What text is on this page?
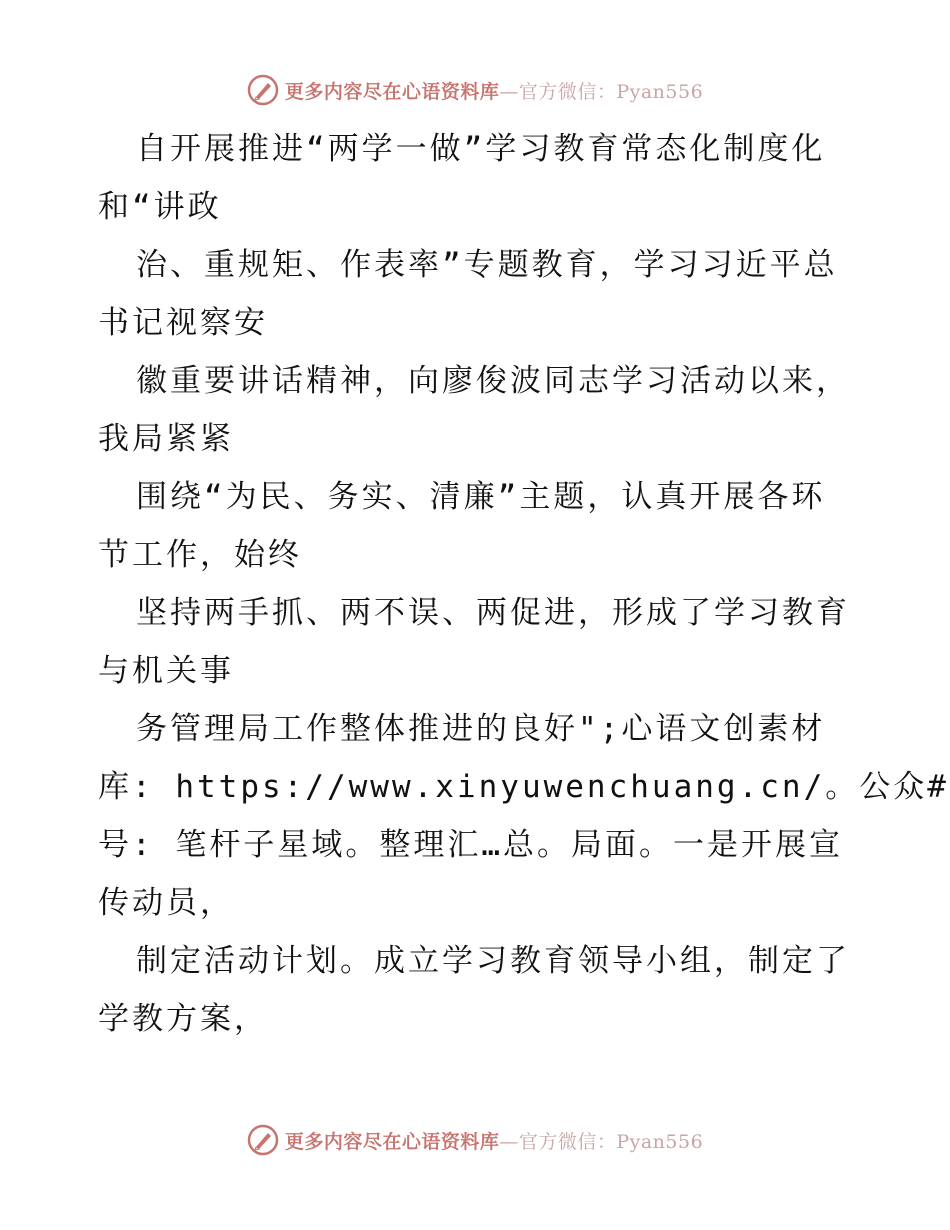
更多内容尽在心语资料库—官方微信：Pyan556
自开展推进“两学一做”学习教育常态化制度化
和“讲政
治、重规矩、作表率”专题教育，学习习近平总
书记视察安
徽重要讲话精神，向廖俊波同志学习活动以来，
我局紧紧
围绕“为民、务实、清廉”主题，认真开展各环
节工作，始终
坚持两手抓、两不误、两促进，形成了学习教育
与机关事
务管理局工作整体推进的良好";心语文创素材
库: https://www.xinyuwenchuang.cn/。公众#
号: 笔杆子星域。整理汇…总。局面。一是开展宣
传动员，
制定活动计划。成立学习教育领导小组，制定了
学教方案，
更多内容尽在心语资料库—官方微信：Pyan556
